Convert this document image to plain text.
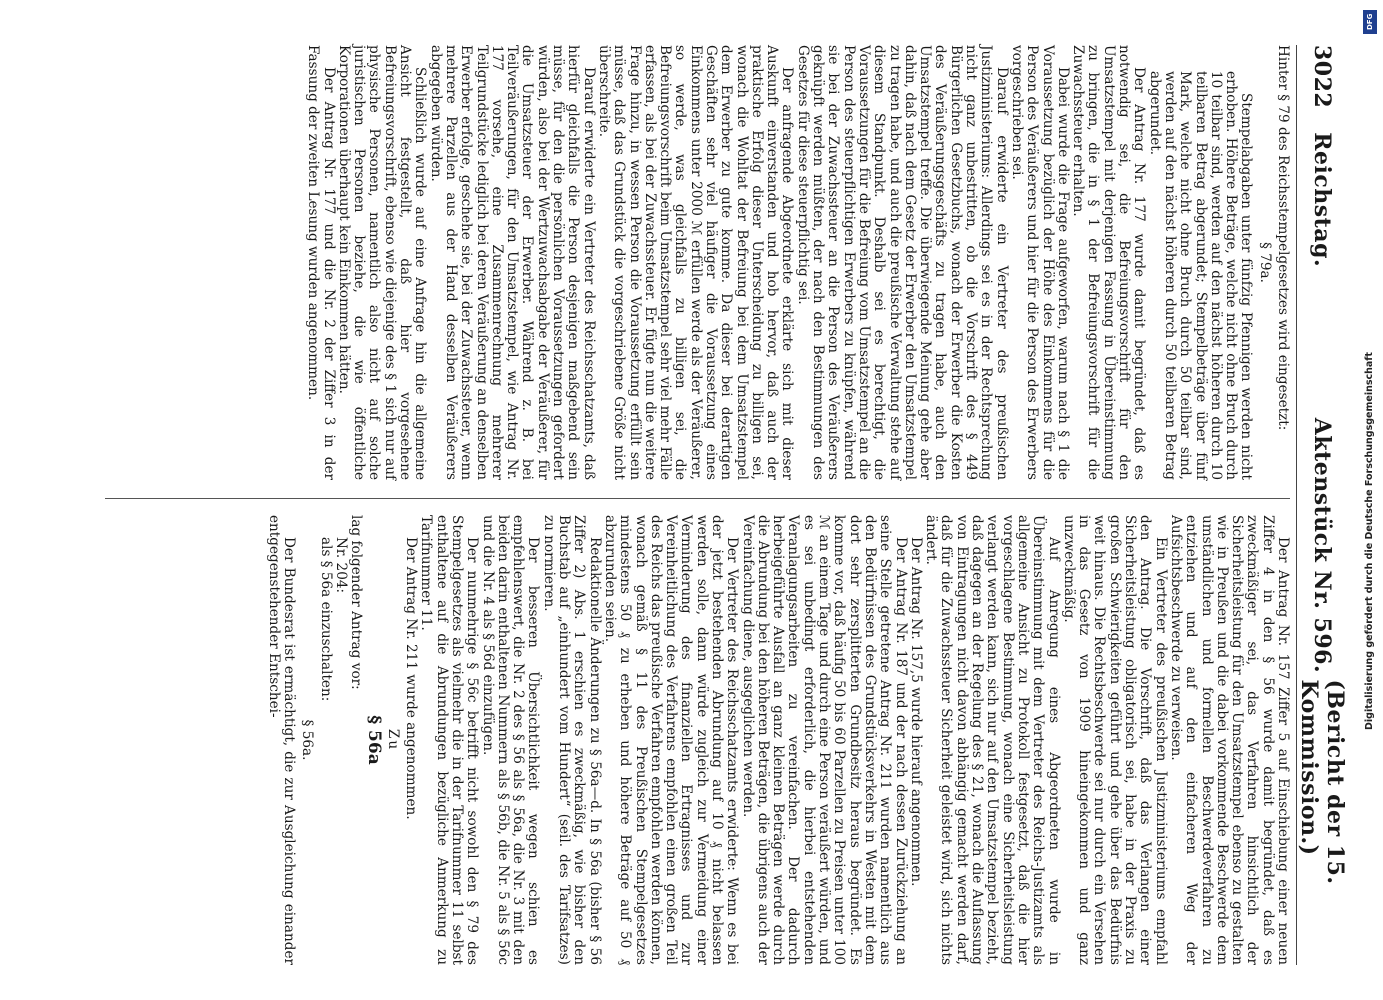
3022
Reichstag.
Aktenstück Nr. 596.
(Bericht der 15. Kommission.)

Hinter § 79 des Reichsstempelgesetzes wird eingesetzt:

§ 79a.

Stempelabgaben unter fünfzig Pfennigen werden nicht erhoben. Höhere Beträge, welche nicht ohne Bruch durch 10 teilbar sind, werden auf den nächst höheren durch 10 teilbaren Betrag abgerundet; Stempelbeträge über fünf Mark, welche nicht ohne Bruch durch 50 teilbar sind, werden auf den nächst höheren durch 50 teilbaren Betrag abgerundet.

Der Antrag Nr. 177 wurde damit begründet, daß es notwendig sei, die Befreiungsvorschrift für den Umsatzstempel mit derjenigen Fassung in Übereinstimmung zu bringen, die in § 1 der Befreiungsvorschrift für die Zuwachssteuer erhalten.

Dabei wurde die Frage aufgeworfen, warum nach § 1 die Voraussetzung bezüglich der Höhe des Einkommens für die Person des Veräußerers und hier für die Person des Erwerbers vorgeschrieben sei.

Darauf erwiderte ein Vertreter des preußischen Justizministeriums: Allerdings sei es in der Rechtsprechung nicht ganz unbestritten, ob die Vorschrift des § 449 Bürgerlichen Gesetzbuchs, wonach der Erwerber die Kosten des Veräußerungsgeschäfts zu tragen habe, auch den Umsatzstempel treffe. Die überwiegende Meinung gehe aber dahin, daß nach dem Gesetz der Erwerber den Umsatzstempel zu tragen habe, und auch die preußische Verwaltung stehe auf diesem Standpunkt. Deshalb sei es berechtigt, die Voraussetzungen für die Befreiung vom Umsatzstempel an die Person des steuerpflichtigen Erwerbers zu knüpfen, während sie bei der Zuwachssteuer an die Person des Veräußerers geknüpft werden müßten, der nach den Bestimmungen des Gesetzes für diese steuerpflichtig sei.

Der anfragende Abgeordnete erklärte sich mit dieser Auskunft einverstanden und hob hervor, daß auch der praktische Erfolg dieser Unterscheidung zu billigen sei, wonach die Wohltat der Befreiung bei dem Umsatzstempel dem Erwerber zu gute komme. Da dieser bei derartigen Geschäften sehr viel häufiger die Voraussetzung eines Einkommens unter 2000 ℳ erfüllen werde als der Veräußerer, so werde, was gleichfalls zu billigen sei, die Befreiungsvorschrift beim Umsatzstempel sehr viel mehr Fälle erfassen, als bei der Zuwachssteuer. Er fügte nun die weitere Frage hinzu, in wessen Person die Voraussetzung erfüllt sein müsse, daß das Grundstück die vorgeschriebene Größe nicht überschreite.

Darauf erwiderte ein Vertreter des Reichsschatzamts, daß hierfür gleichfalls die Person desjenigen maßgebend sein müsse, für den die persönlichen Voraussetzungen gefordert würden, also bei der Wertzuwachsabgabe der Veräußerer, für die Umsatzsteuer der Erwerber. Während z. B. bei Teilveräußerungen, für den Umsatzstempel, wie Antrag Nr. 177 vorsehe, eine Zusammenrechnung mehrerer Teilgrundstücke lediglich bei deren Veräußerung an denselben Erwerber erfolge, geschehe sie, bei der Zuwachssteuer, wenn mehrere Parzellen aus der Hand desselben Veräußerers abgegeben würden.

Schließlich wurde auf eine Anfrage hin die allgemeine Ansicht festgestellt, daß hier vorgesehene Befreiungsvorschrift, ebenso wie diejenige des § 1 sich nur auf physische Personen, namentlich also nicht auf solche juristischen Personen beziehe, die wie öffentliche Korporationen überhaupt kein Einkommen hätten.

Der Antrag Nr. 177 und die Nr. 2 der Ziffer 3 in der Fassung der zweiten Lesung wurden angenommen.

Der Antrag Nr. 157 Ziffer 5 auf Einschiebung einer neuen Ziffer 4 in den § 56 wurde damit begründet, daß es zweckmäßiger sei, das Verfahren hinsichtlich der Sicherheitsleistung für den Umsatzstempel ebenso zu gestalten wie in Preußen und die dabei vorkommende Beschwerde dem umständlichen und formellen Beschwerdeverfahren zu entziehen und auf den einfacheren Weg der Aufsichtsbeschwerde zu verweisen.

Ein Vertreter des preußischen Justizministeriums empfahl den Antrag. Die Vorschrift, daß das Verlangen einer Sicherheitsleistung obligatorisch sei, habe in der Praxis zu großen Schwierigkeiten geführt und gehe über das Bedürfnis weit hinaus. Die Rechtsbeschwerde sei nur durch ein Versehen in das Gesetz von 1909 hineingekommen und ganz unzweckmäßig.

Auf Anregung eines Abgeordneten wurde in Übereinstimmung mit dem Vertreter des Reichs-Justizamts als allgemeine Ansicht zu Protokoll festgesetzt, daß die hier vorgeschlagene Bestimmung, wonach eine Sicherheitsleistung verlangt werden kann, sich nur auf den Umsatzstempel bezieht, daß dagegen an der Regelung des § 21, wonach die Auflassung von Eintragungen nicht davon abhängig gemacht werden darf, daß für die Zuwachssteuer Sicherheit geleistet wird, sich nichts ändert.

Der Antrag Nr. 157,5 wurde hierauf angenommen.

Der Antrag Nr. 187 und der nach dessen Zurückziehung an seine Stelle getretene Antrag Nr. 211 wurden namentlich aus den Bedürfnissen des Grundstücksverkehrs in Westen mit dem dort sehr zersplitterten Grundbesitz heraus begründet. Es komme vor, daß häufig 50 bis 60 Parzellen zu Preisen unter 100 ℳ an einem Tage und durch eine Person veräußert würden, und es sei unbedingt erforderlich, die hierbei entstehenden Veranlagungsarbeiten zu vereinfachen. Der dadurch herbeigeführte Ausfall an ganz kleinen Beträgen werde durch die Abrundung bei den höheren Beträgen, die übrigens auch der Vereinfachung diene, ausgeglichen werden.

Der Vertreter des Reichsschatzamts erwiderte: Wenn es bei der jetzt bestehenden Abrundung auf 10 ₰ nicht belassen werden solle, dann würde zugleich zur Vermeidung einer Verminderung des finanziellen Ertragnisses und zur Vereinheitlichung des Verfahrens empfohlen einen großen Teil des Reichs das preußische Verfahren empfohlen werden können, wonach gemäß § 11 des Preußischen Stempelgesetzes mindestens 50 ₰ zu erheben und höhere Beträge auf 50 ₰ abzurunden seien.

Redaktionelle Änderungen zu § 56a—d. In § 56a (bisher § 56 Ziffer 2) Abs. 1 erschien es zweckmäßig, wie bisher den Buchstab auf „einhundert vom Hundert“ (seil. des Tarifsatzes) zu normieren.

Der besseren Übersichtlichkeit wegen schien es empfehlenswert, die Nr. 2 des § 56 als § 56a, die Nr. 3 mit den beiden darin enthaltenen Nummern als § 56b, die Nr. 5 als § 56c und die Nr. 4 als § 56d einzufügen.

Der nunmehrige § 56c betrifft nicht sowohl den § 79 des Stempelgesetzes als vielmehr die in der Tarifnummer 11 selbst enthaltene auf die Abrundungen bezügliche Anmerkung zu Tarifnummer 11.

Der Antrag Nr. 211 wurde angenommen.

Zu

§ 56a

lag folgender Antrag vor:

Nr. 204:

als § 56a einzuschalten:

§ 56a.

Der Bundesrat ist ermächtigt, die zur Ausgleichung einander entgegenstehender Entschei-

DFG
Digitalisierung gefördert durch die Deutsche Forschungsgemeinschaft
